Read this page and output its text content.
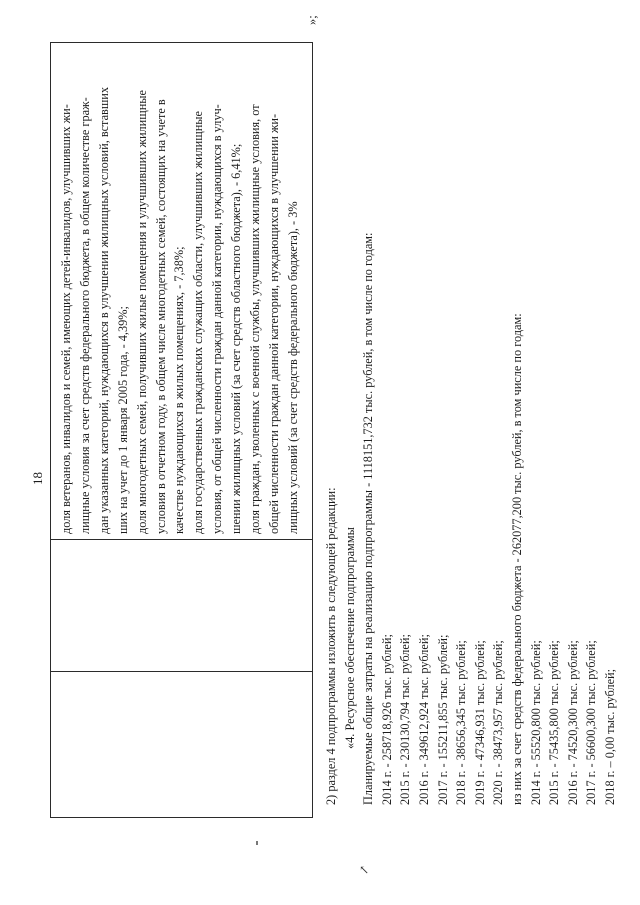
18 доля ветеранов, инвалидов и семей, имеющих детей-инвалидов, улучшивших жи- лищные условия за счет средств федерального бюджета, в общем количестве граж- дан указанных категорий, нуждающихся в улучшении жилищных условий, вставших ших на учет до 1 января 2005 года, - 4,39%; доля многодетных семей, получивших жилые помещения и улучшивших жилищные условия в отчетном году, в общем числе многодетных семей, состоящих на учете в качестве нуждающихся в жилых помещениях, - 7,38%; доля государственных гражданских служащих области, улучшивших жилищные условия, от общей численности граждан данной категории, нуждающихся в улуч- шении жилищных условий (за счет средств областного бюджета), - 6,41%; доля граждан, уволенных с военной службы, улучшивших жилищные условия, от общей численности граждан данной категории, нуждающихся в улучшении жи- лищных условий (за счет средств федерального бюджета), - 3%
»;
↗
2) раздел 4 подпрограммы изложить в следующей редакции: «4. Ресурсное обеспечение подпрограммы Планируемые общие затраты на реализацию подпрограммы - 1118151,732 тыс. рублей, в том числе по годам: 2014 г. - 258718,926 тыс. рублей; 2015 г. - 230130,794 тыс. рублей; 2016 г. - 349612,924 тыс. рублей; 2017 г. - 155211,855 тыс. рублей; 2018 г. - 38656,345 тыс. рублей; 2019 г. - 47346,931 тыс. рублей; 2020 г. - 38473,957 тыс. рублей; из них за счет средств федерального бюджета - 262077,200 тыс. рублей, в том числе по годам: 2014 г. - 55520,800 тыс. рублей; 2015 г. - 75435,800 тыс. рублей; 2016 г. - 74520,300 тыс. рублей; 2017 г. - 56600,300 тыс. рублей; 2018 г. – 0,00 тыс. рублей;
